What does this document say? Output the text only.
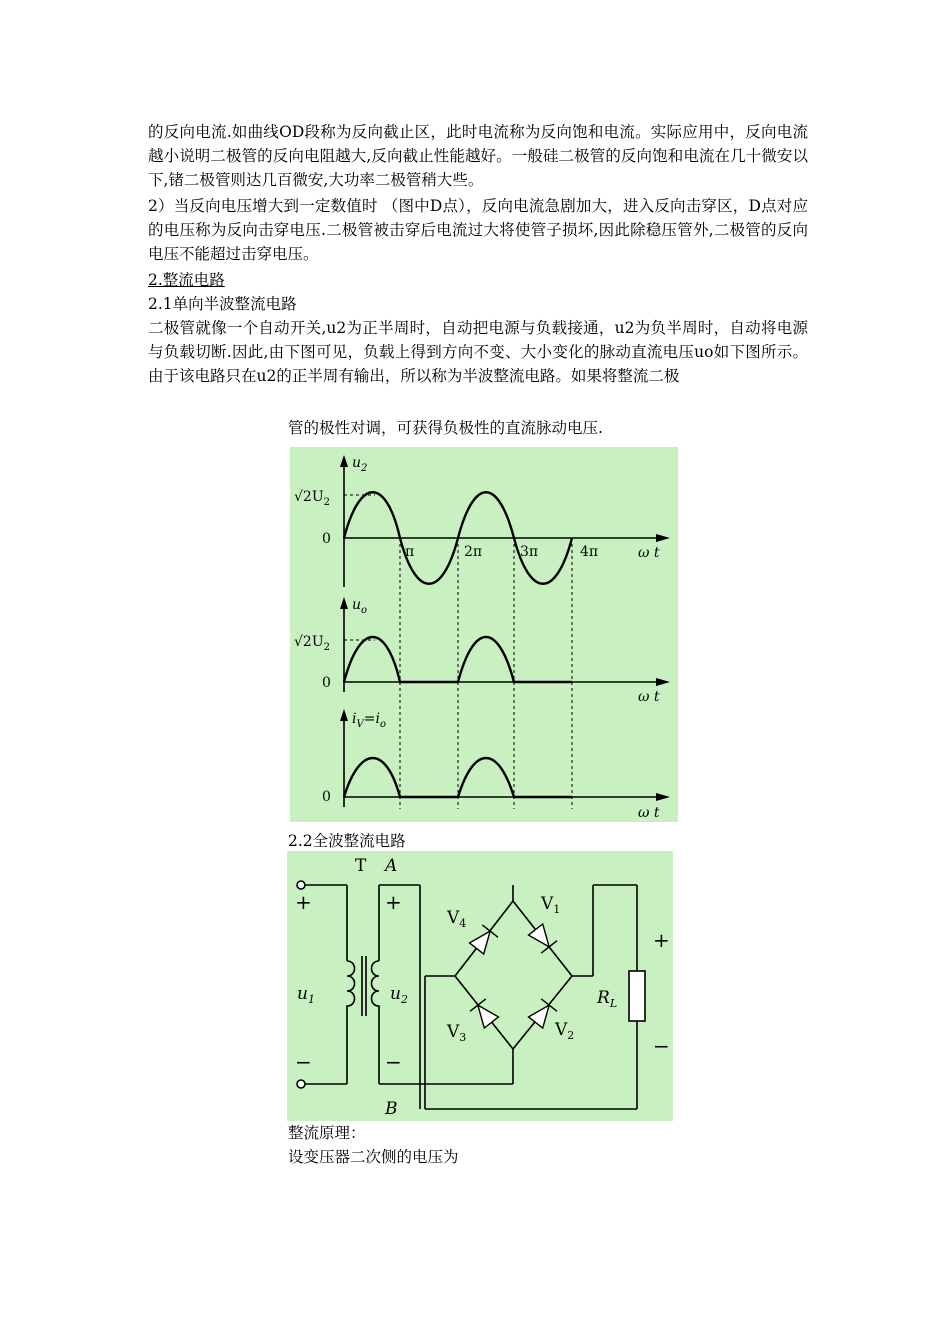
的反向电流.如曲线OD段称为反向截止区，此时电流称为反向饱和电流。实际应用中，反向电流越小说明二极管的反向电阻越大,反向截止性能越好。一般硅二极管的反向饱和电流在几十微安以下,锗二极管则达几百微安,大功率二极管稍大些。
2）当反向电压增大到一定数值时 （图中D点），反向电流急剧加大，进入反向击穿区，D点对应的电压称为反向击穿电压.二极管被击穿后电流过大将使管子损坏,因此除稳压管外,二极管的反向电压不能超过击穿电压。
2.整流电路
2.1单向半波整流电路
二极管就像一个自动开关,u2为正半周时，自动把电源与负载接通，u2为负半周时，自动将电源与负载切断.因此,由下图可见，负载上得到方向不变、大小变化的脉动直流电压uo如下图所示。由于该电路只在u2的正半周有输出，所以称为半波整流电路。如果将整流二极
管的极性对调，可获得负极性的直流脉动电压.
$u_2$
$√2U_2$
0
ω t
π	2π	3π	4π
$u_o$
$√2U_2$
0
ω t
$i_V=i_o$
0
ω t
2.2全波整流电路
T A
B
+
−
+
−
$u_1$	$u_2$
$V_4$
$V_1$
$V_3$	$V_2$
$R_L$
+
−
整流原理：
设变压器二次侧的电压为
